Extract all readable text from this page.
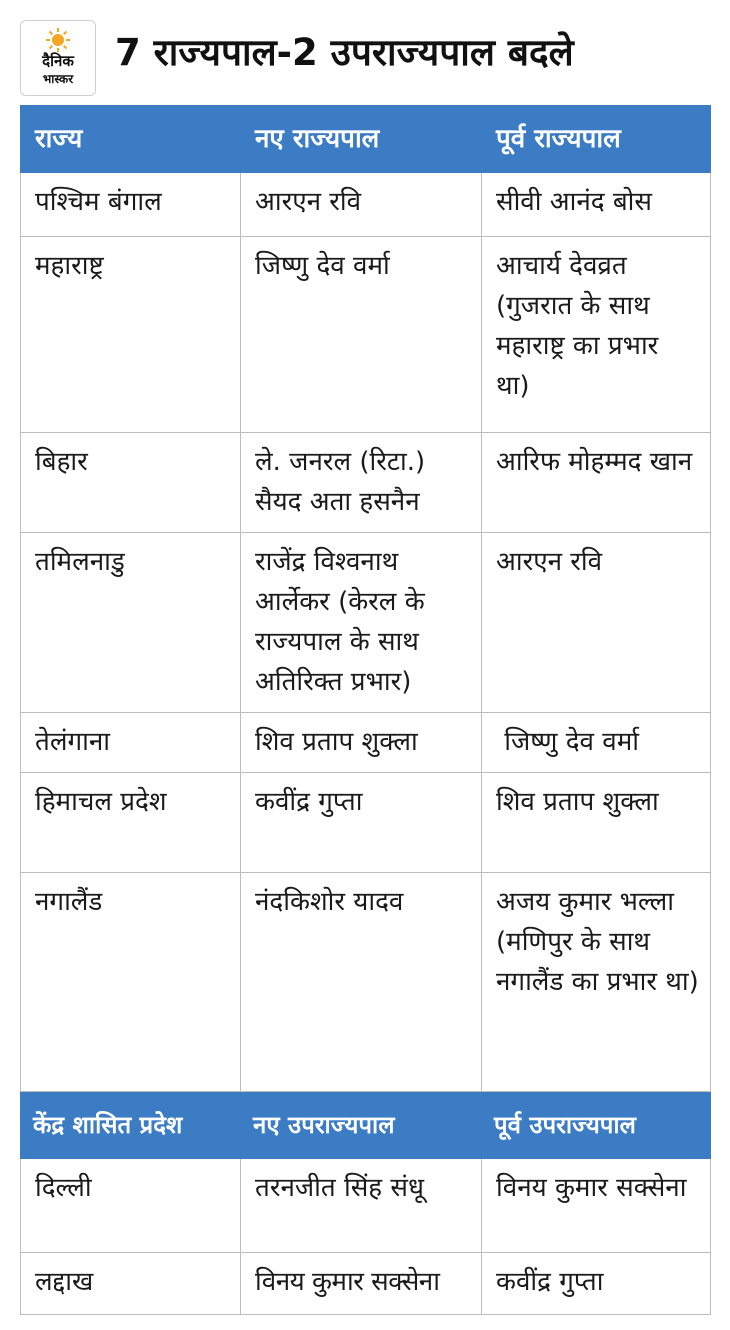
दैनिक
भास्कर
7 राज्यपाल-2 उपराज्यपाल बदले
राज्य	नए राज्यपाल	पूर्व राज्यपाल
पश्चिम बंगाल	आरएन रवि	सीवी आनंद बोस
महाराष्ट्र	जिष्णु देव वर्मा	आचार्य देवव्रत (गुजरात के साथ महाराष्ट्र का प्रभार था)
बिहार	ले. जनरल (रिटा.) सैयद अता हसनैन	आरिफ मोहम्मद खान
तमिलनाडु	राजेंद्र विश्वनाथ आर्लेकर (केरल के राज्यपाल के साथ अतिरिक्त प्रभार)	आरएन रवि
तेलंगाना	शिव प्रताप शुक्ला	जिष्णु देव वर्मा
हिमाचल प्रदेश	कवींद्र गुप्ता	शिव प्रताप शुक्ला
नगालैंड	नंदकिशोर यादव	अजय कुमार भल्ला (मणिपुर के साथ नगालैंड का प्रभार था)
केंद्र शासित प्रदेश	नए उपराज्यपाल	पूर्व उपराज्यपाल
दिल्ली	तरनजीत सिंह संधू	विनय कुमार सक्सेना
लद्दाख	विनय कुमार सक्सेना	कवींद्र गुप्ता
